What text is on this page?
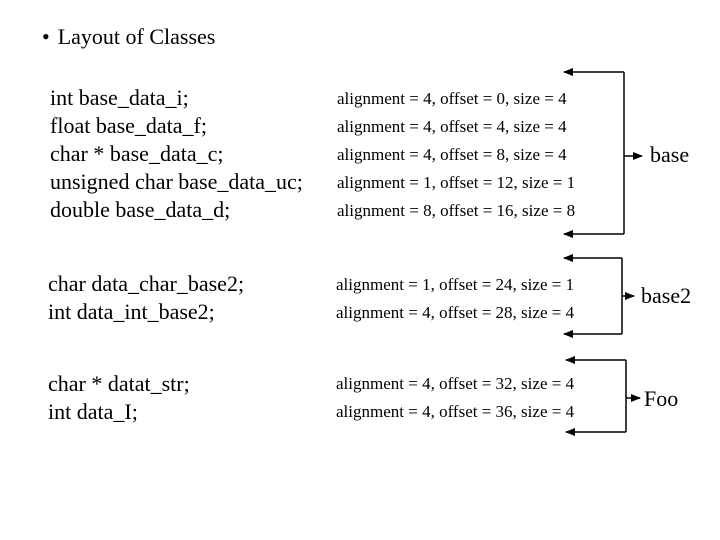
• Layout of Classes
int base_data_i;
float base_data_f;
char * base_data_c;
unsigned char base_data_uc;
double base_data_d;
alignment = 4, offset = 0, size = 4
alignment = 4, offset = 4, size = 4
alignment = 4, offset = 8, size = 4
alignment = 1, offset = 12, size = 1
alignment = 8, offset = 16, size = 8
base
char data_char_base2;
int data_int_base2;
alignment = 1, offset = 24, size = 1
alignment = 4, offset = 28, size = 4
base2
char * datat_str;
int data_I;
alignment = 4, offset = 32, size = 4
alignment = 4, offset = 36, size = 4
Foo
